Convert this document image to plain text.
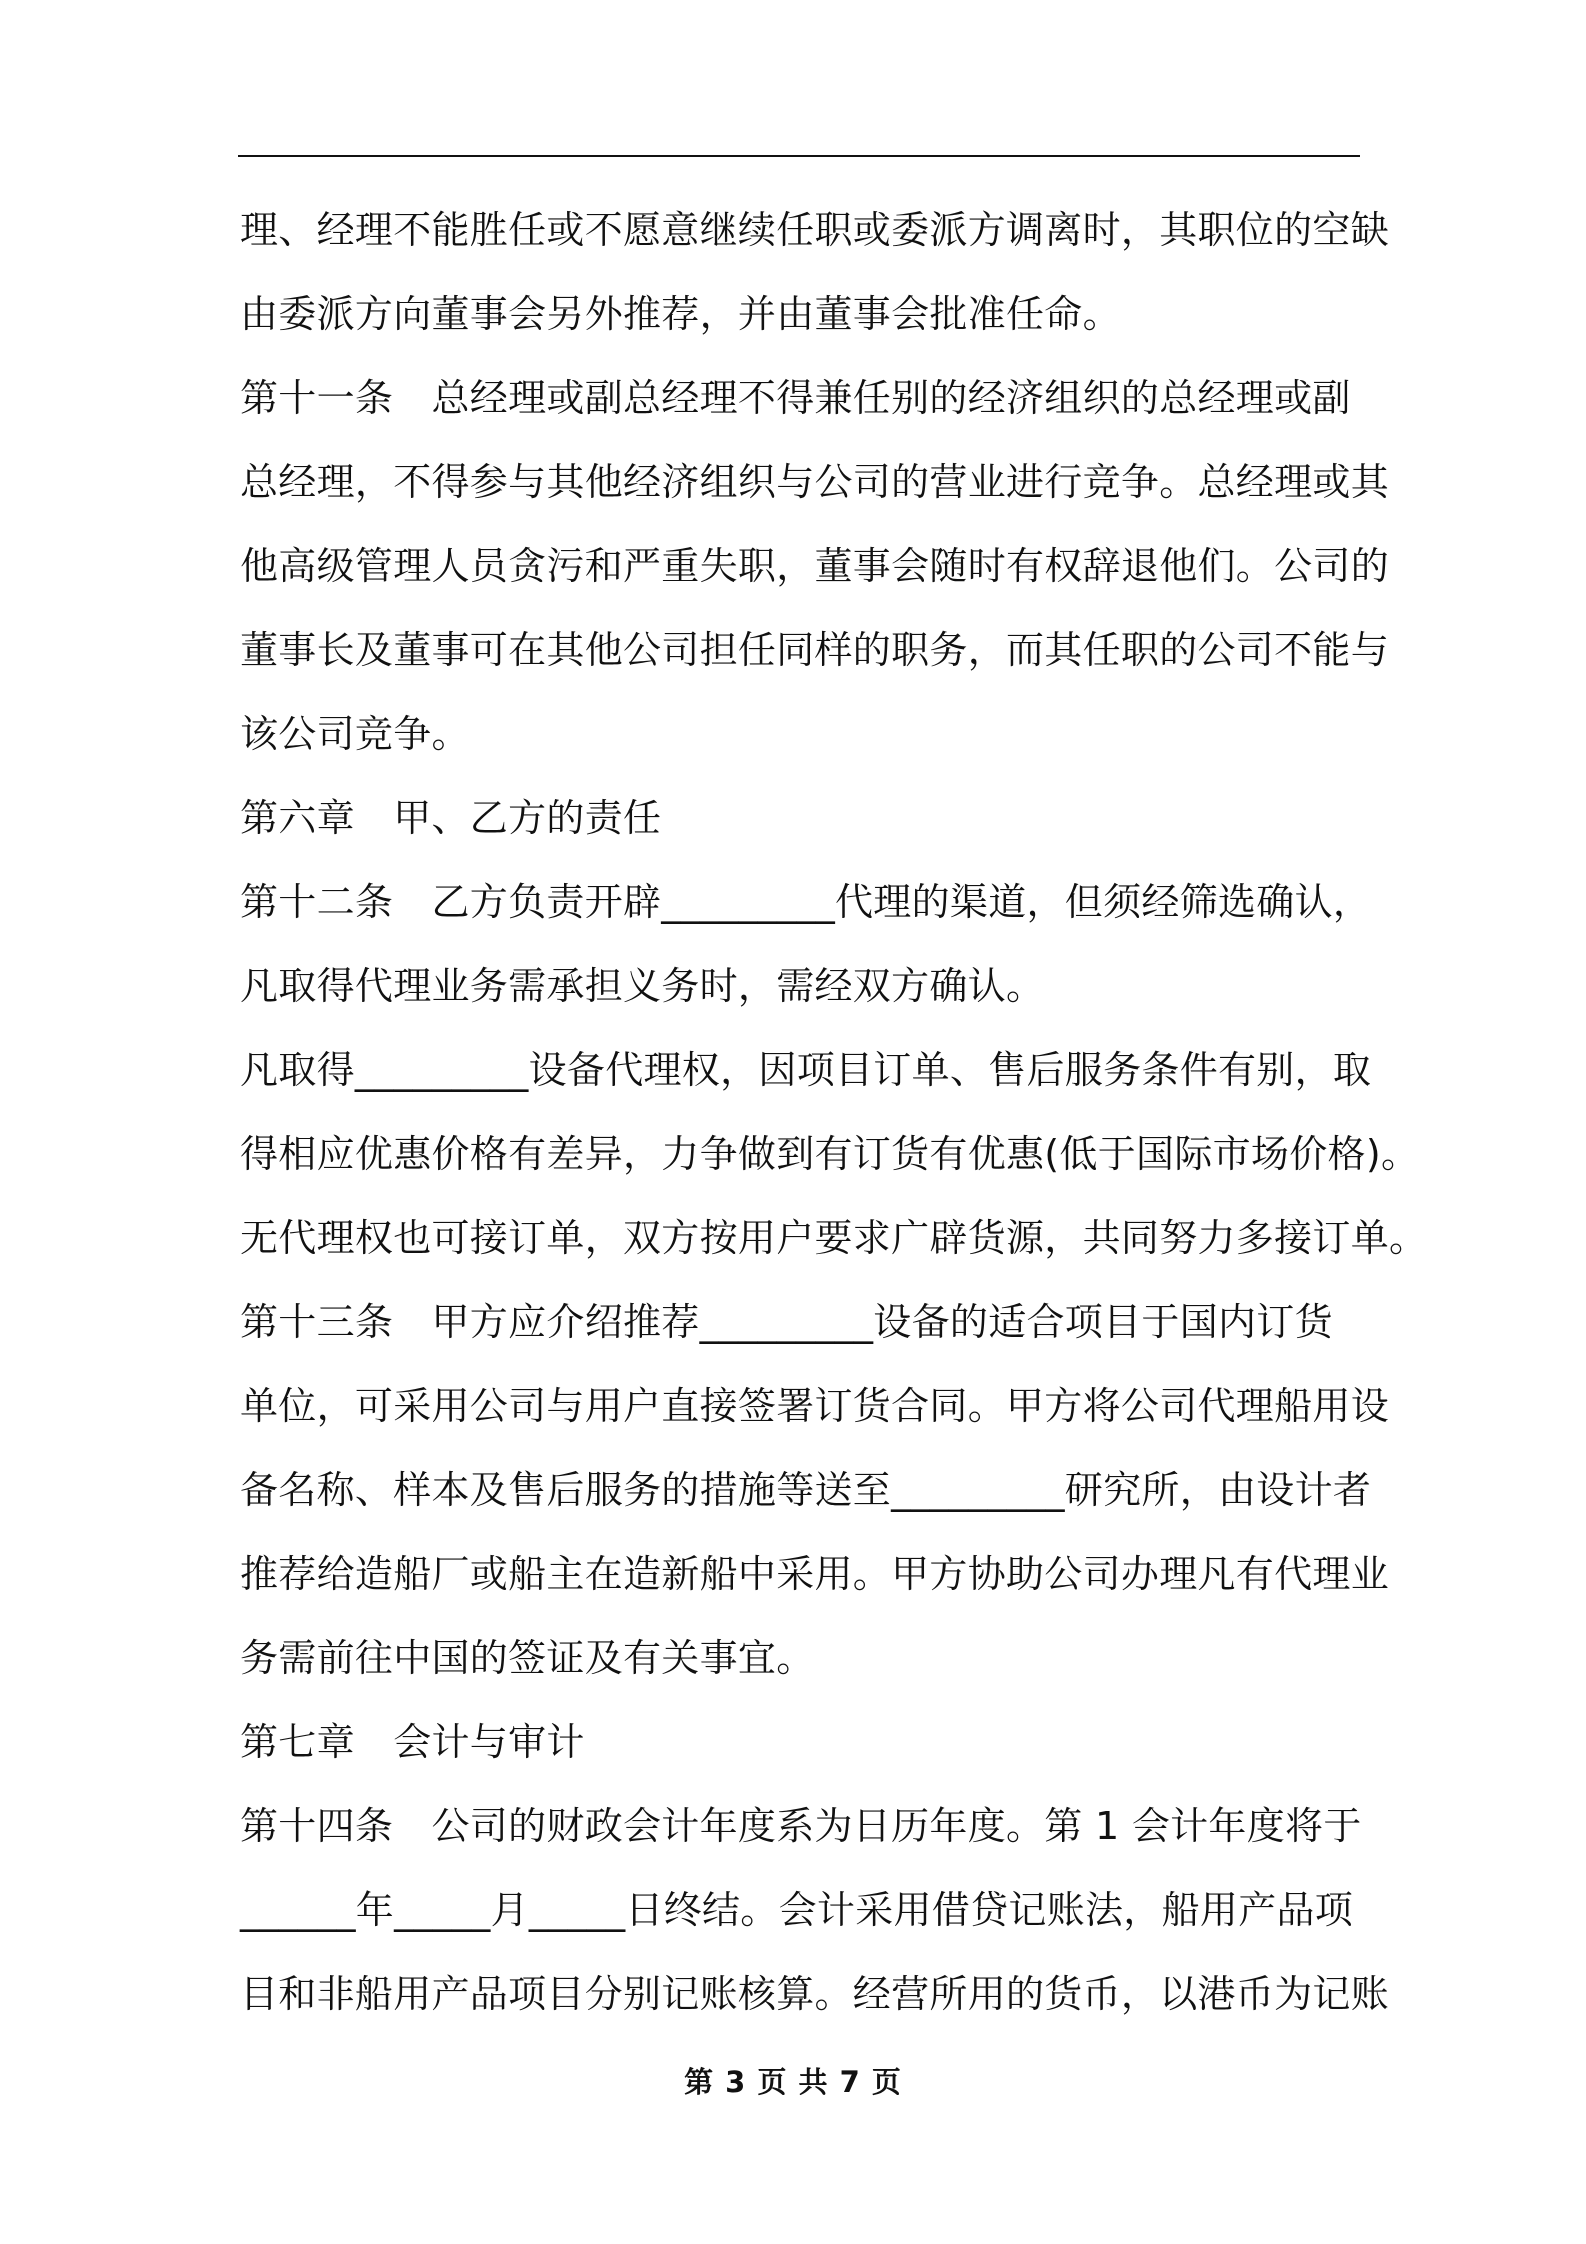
理、经理不能胜任或不愿意继续任职或委派方调离时，其职位的空缺
由委派方向董事会另外推荐，并由董事会批准任命。
第十一条　总经理或副总经理不得兼任别的经济组织的总经理或副
总经理，不得参与其他经济组织与公司的营业进行竞争。总经理或其
他高级管理人员贪污和严重失职，董事会随时有权辞退他们。公司的
董事长及董事可在其他公司担任同样的职务，而其任职的公司不能与
该公司竞争。
第六章　甲、乙方的责任
第十二条　乙方负责开辟_________代理的渠道，但须经筛选确认，
凡取得代理业务需承担义务时，需经双方确认。
凡取得_________设备代理权，因项目订单、售后服务条件有别，取
得相应优惠价格有差异，力争做到有订货有优惠(低于国际市场价格)。
无代理权也可接订单，双方按用户要求广辟货源，共同努力多接订单。
第十三条　甲方应介绍推荐_________设备的适合项目于国内订货
单位，可采用公司与用户直接签署订货合同。甲方将公司代理船用设
备名称、样本及售后服务的措施等送至_________研究所，由设计者
推荐给造船厂或船主在造新船中采用。甲方协助公司办理凡有代理业
务需前往中国的签证及有关事宜。
第七章　会计与审计
第十四条　公司的财政会计年度系为日历年度。第 1 会计年度将于
______年_____月_____日终结。会计采用借贷记账法，船用产品项
目和非船用产品项目分别记账核算。经营所用的货币，以港币为记账
第 3 页 共 7 页
